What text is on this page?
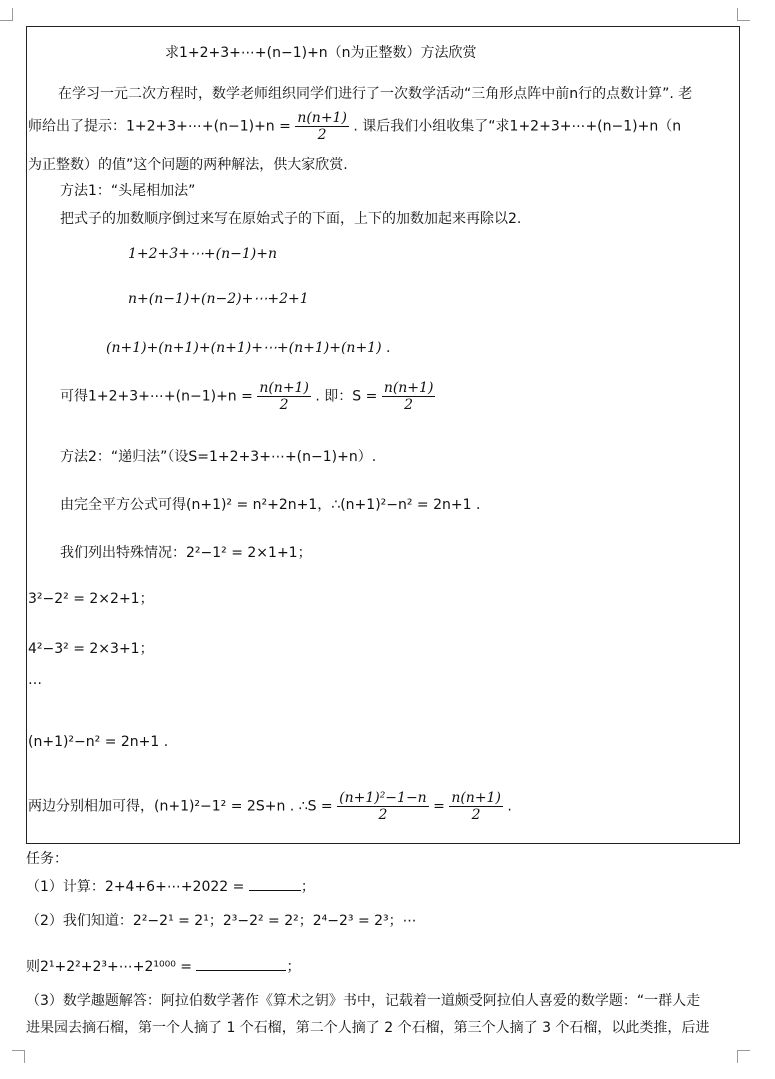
求1+2+3+⋯+(n−1)+n（n为正整数）方法欣赏
在学习一元二次方程时，数学老师组织同学们进行了一次数学活动“三角形点阵中前n行的点数计算”. 老
师给出了提示：1+2+3+⋯+(n−1)+n = $\frac{n(n+1)}{2}$ . 课后我们小组收集了“求1+2+3+⋯+(n−1)+n（n
为正整数）的值”这个问题的两种解法，供大家欣赏.
方法1：“头尾相加法”
把式子的加数顺序倒过来写在原始式子的下面，上下的加数加起来再除以2.
1+2+3+⋯+(n−1)+n
n+(n−1)+(n−2)+⋯+2+1
(n+1)+(n+1)+(n+1)+⋯+(n+1)+(n+1) .
可得1+2+3+⋯+(n−1)+n = $\frac{n(n+1)}{2}$ . 即：$S = \frac{n(n+1)}{2}$
方法2：“递归法”（设S=1+2+3+⋯+(n−1)+n）.
由完全平方公式可得(n+1)² = n²+2n+1，∴(n+1)²−n² = 2n+1 .
我们列出特殊情况：2²−1² = 2×1+1；
3²−2² = 2×2+1；
4²−3² = 2×3+1；
…
(n+1)²−n² = 2n+1 .
两边分别相加可得，(n+1)²−1² = 2S+n . ∴S = $\frac{\text{(n+1)²−1−n}}{2} = \frac{n(n+1)}{2}$ .
任务：
（1）计算：2+4+6+⋯+2022 =	；
（2）我们知道：2²−2¹ = 2¹；2³−2² = 2²；2⁴−2³ = 2³；⋯
则2¹+2²+2³+⋯+2¹⁰⁰⁰ =	；
（3）数学趣题解答：阿拉伯数学著作《算术之钥》书中，记载着一道颇受阿拉伯人喜爱的数学题：“一群人走
进果园去摘石榴，第一个人摘了 1 个石榴，第二个人摘了 2 个石榴，第三个人摘了 3 个石榴，以此类推，后进
